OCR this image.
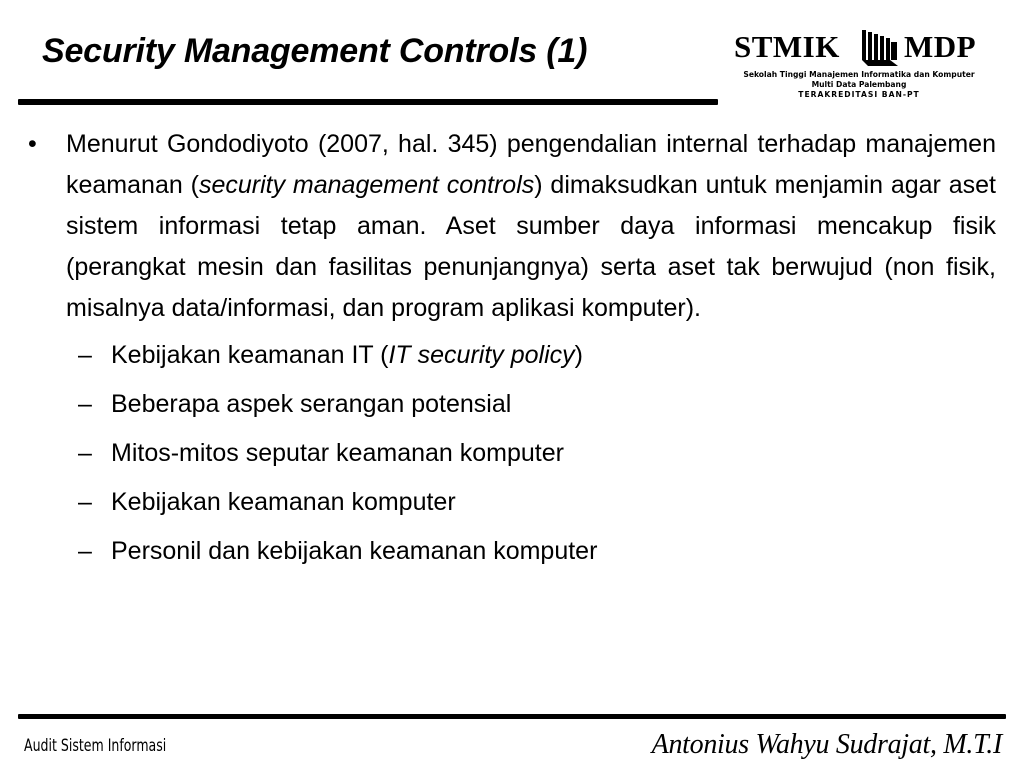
Security Management Controls (1)	STMIK MDP
Sekolah Tinggi Manajemen Informatika dan Komputer
Multi Data Palembang
TERAKREDITASI BAN-PT
• Menurut Gondodiyoto (2007, hal. 345) pengendalian internal terhadap manajemen keamanan (security management controls) dimaksudkan untuk menjamin agar aset sistem informasi tetap aman. Aset sumber daya informasi mencakup fisik (perangkat mesin dan fasilitas penunjangnya) serta aset tak berwujud (non fisik, misalnya data/informasi, dan program aplikasi komputer).
– Kebijakan keamanan IT (IT security policy)
– Beberapa aspek serangan potensial
– Mitos-mitos seputar keamanan komputer
– Kebijakan keamanan komputer
– Personil dan kebijakan keamanan komputer
Audit Sistem Informasi	Antonius Wahyu Sudrajat, M.T.I
